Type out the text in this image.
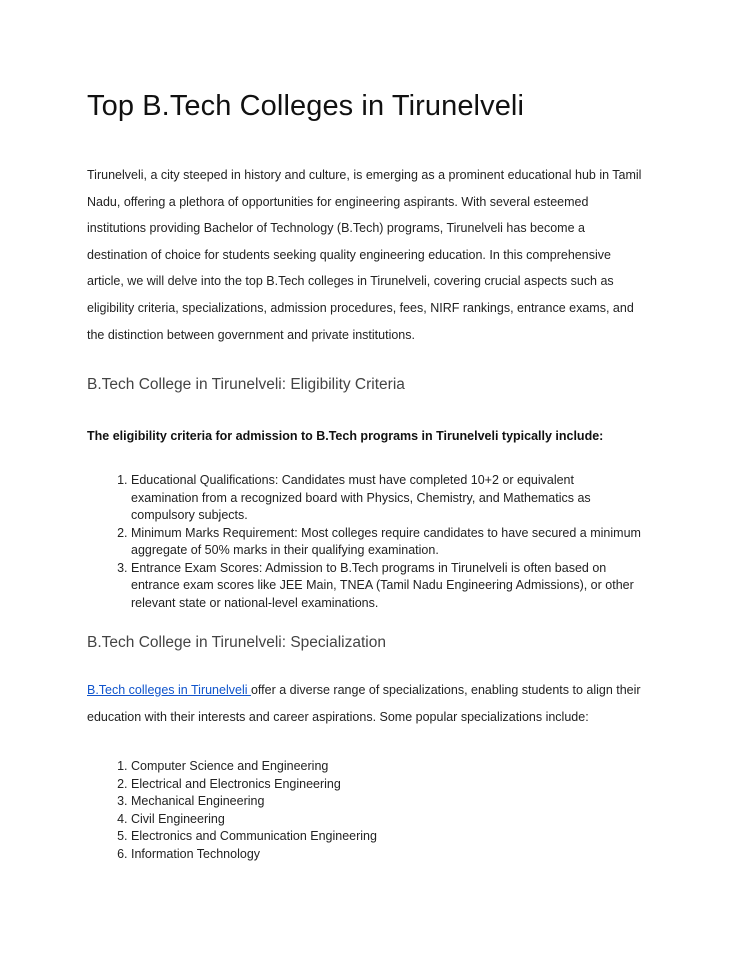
Top B.Tech Colleges in Tirunelveli

Tirunelveli, a city steeped in history and culture, is emerging as a prominent educational hub in Tamil Nadu, offering a plethora of opportunities for engineering aspirants. With several esteemed institutions providing Bachelor of Technology (B.Tech) programs, Tirunelveli has become a destination of choice for students seeking quality engineering education. In this comprehensive article, we will delve into the top B.Tech colleges in Tirunelveli, covering crucial aspects such as eligibility criteria, specializations, admission procedures, fees, NIRF rankings, entrance exams, and the distinction between government and private institutions.

B.Tech College in Tirunelveli: Eligibility Criteria

The eligibility criteria for admission to B.Tech programs in Tirunelveli typically include:

1. Educational Qualifications: Candidates must have completed 10+2 or equivalent examination from a recognized board with Physics, Chemistry, and Mathematics as compulsory subjects.
2. Minimum Marks Requirement: Most colleges require candidates to have secured a minimum aggregate of 50% marks in their qualifying examination.
3. Entrance Exam Scores: Admission to B.Tech programs in Tirunelveli is often based on entrance exam scores like JEE Main, TNEA (Tamil Nadu Engineering Admissions), or other relevant state or national-level examinations.
B.Tech College in Tirunelveli: Specialization

B.Tech colleges in Tirunelveli offer a diverse range of specializations, enabling students to align their education with their interests and career aspirations. Some popular specializations include:

1. Computer Science and Engineering
2. Electrical and Electronics Engineering
3. Mechanical Engineering
4. Civil Engineering
5. Electronics and Communication Engineering
6. Information Technology
